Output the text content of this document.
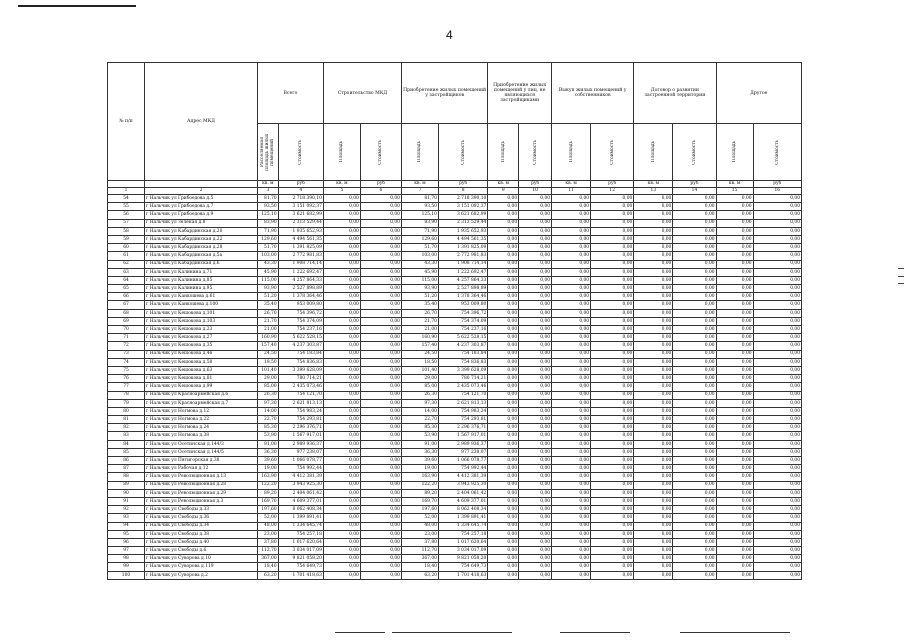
4
№ п/п	Адрес МКД	Всего		Строительство МКД		Приобретение жилых помещений у застройщиков		Приобретение жилых помещений у лиц, не являющихся застройщиками		Выкуп жилых помещений у собственников		Договор о развитии застроенной территории		Другое	

		Расселяемая площадь жилых помещений	Стоимость	Площадь	Стоимость	Площадь	Стоимость	Площадь	Стоимость	Площадь	Стоимость	Площадь	Стоимость	Площадь	Стоимость

		кв. м	руб	кв. м	руб	кв. м	руб	кв. м	руб	кв. м	руб	кв. м	руб	кв. м	руб
1	2	3	4	5	6	7	8	9	10	11	12	13	14	15	16
54	г Нальчик ул Грибоедова д.5	81,70	2 718 390,10	0,00	0,00	81,70	2 718 390,10	0,00	0,00	0,00	0,00	0,00	0,00	0,00	0,00
55	г Нальчик ул Грибоедова д.7	93,50	3 151 092,37	0,00	0,00	93,50	3 151 092,37	0,00	0,00	0,00	0,00	0,00	0,00	0,00	0,00
56	г Нальчик ул Грибоедова д.9	125,10	3 621 682,99	0,00	0,00	125,10	3 621 682,99	0,00	0,00	0,00	0,00	0,00	0,00	0,00	0,00
57	г Нальчик ул Зеленая д.8	83,90	2 313 529,44	0,00	0,00	83,90	2 313 529,44	0,00	0,00	0,00	0,00	0,00	0,00	0,00	0,00
58	г Нальчик ул Кабардинская д.20	71,90	1 935 652,93	0,00	0,00	71,90	1 935 652,93	0,00	0,00	0,00	0,00	0,00	0,00	0,00	0,00
59	г Нальчик ул Кабардинская д.22	129,60	4 494 561,35	0,00	0,00	129,60	4 494 561,35	0,00	0,00	0,00	0,00	0,00	0,00	0,00	0,00
60	г Нальчик ул Кабардинская д.28	51,70	1 391 825,09	0,00	0,00	51,70	1 391 825,09	0,00	0,00	0,00	0,00	0,00	0,00	0,00	0,00
61	г Нальчик ул Кабардинская д.5а	103,00	2 772 981,83	0,00	0,00	103,00	2 772 981,83	0,00	0,00	0,00	0,00	0,00	0,00	0,00	0,00
62	г Нальчик ул Кабардинская д.6	43,30	1 908 714,14	0,00	0,00	43,30	1 908 714,14	0,00	0,00	0,00	0,00	0,00	0,00	0,00	0,00
63	г Нальчик ул Калинина д.71	45,90	1 222 692,47	0,00	0,00	45,90	1 222 692,47	0,00	0,00	0,00	0,00	0,00	0,00	0,00	0,00
64	г Нальчик ул Калинина д.85	115,00	4 257 864,33	0,00	0,00	115,00	4 257 864,33	0,00	0,00	0,00	0,00	0,00	0,00	0,00	0,00
65	г Нальчик ул Калинина д.95	93,90	2 527 898,89	0,00	0,00	93,90	2 527 898,89	0,00	0,00	0,00	0,00	0,00	0,00	0,00	0,00
66	г Нальчик ул Канкошева д.61	51,20	1 378 364,46	0,00	0,00	51,20	1 378 364,46	0,00	0,00	0,00	0,00	0,00	0,00	0,00	0,00
67	г Нальчик ул Канкошева д.100	35,40	953 009,80	0,00	0,00	35,40	953 009,80	0,00	0,00	0,00	0,00	0,00	0,00	0,00	0,00
68	г Нальчик ул Кешокова д.101	26,70	754 396,72	0,00	0,00	26,70	754 396,72	0,00	0,00	0,00	0,00	0,00	0,00	0,00	0,00
69	г Нальчик ул Кешокова д.103	21,70	754 374,09	0,00	0,00	21,70	754 374,09	0,00	0,00	0,00	0,00	0,00	0,00	0,00	0,00
70	г Нальчик ул Кешокова д.23	21,00	754 237,16	0,00	0,00	21,00	754 237,16	0,00	0,00	0,00	0,00	0,00	0,00	0,00	0,00
71	г Нальчик ул Кешокова д.27	160,90	5 622 528,15	0,00	0,00	160,90	5 622 528,15	0,00	0,00	0,00	0,00	0,00	0,00	0,00	0,00
72	г Нальчик ул Кешокова д.35	157,40	4 237 303,87	0,00	0,00	157,40	4 237 303,87	0,00	0,00	0,00	0,00	0,00	0,00	0,00	0,00
73	г Нальчик ул Кешокова д.46	24,50	754 183,84	0,00	0,00	24,50	754 183,84	0,00	0,00	0,00	0,00	0,00	0,00	0,00	0,00
74	г Нальчик ул Кешокова д.58	18,50	754 836,83	0,00	0,00	18,50	754 836,83	0,00	0,00	0,00	0,00	0,00	0,00	0,00	0,00
75	г Нальчик ул Кешокова д.63	101,40	3 399 628,09	0,00	0,00	101,40	3 399 628,09	0,00	0,00	0,00	0,00	0,00	0,00	0,00	0,00
76	г Нальчик ул Кешокова д.81	29,00	780 714,21	0,00	0,00	29,00	780 714,21	0,00	0,00	0,00	0,00	0,00	0,00	0,00	0,00
77	г Нальчик ул Кешокова д.99	85,00	2 435 073,46	0,00	0,00	85,00	2 435 073,46	0,00	0,00	0,00	0,00	0,00	0,00	0,00	0,00
78	г Нальчик ул Красноармейская д.6	26,30	754 121,70	0,00	0,00	26,30	754 121,70	0,00	0,00	0,00	0,00	0,00	0,00	0,00	0,00
79	г Нальчик ул Красноармейская д.7	97,30	2 621 813,13	0,00	0,00	97,30	2 621 813,13	0,00	0,00	0,00	0,00	0,00	0,00	0,00	0,00
80	г Нальчик ул Ногмова д.12	14,00	754 983,24	0,00	0,00	14,00	754 983,24	0,00	0,00	0,00	0,00	0,00	0,00	0,00	0,00
81	г Нальчик ул Ногмова д.22	22,70	754 293,81	0,00	0,00	22,70	754 293,81	0,00	0,00	0,00	0,00	0,00	0,00	0,00	0,00
82	г Нальчик ул Ногмова д.24	85,30	2 296 376,71	0,00	0,00	85,30	2 296 376,71	0,00	0,00	0,00	0,00	0,00	0,00	0,00	0,00
83	г Нальчик ул Ногмова д.38	53,90	1 567 917,01	0,00	0,00	53,90	1 567 917,01	0,00	0,00	0,00	0,00	0,00	0,00	0,00	0,00
84	г Нальчик ул Осетинская д.144/3	91,00	2 989 936,37	0,00	0,00	91,00	2 989 936,37	0,00	0,00	0,00	0,00	0,00	0,00	0,00	0,00
85	г Нальчик ул Осетинская д.144/5	36,30	977 238,07	0,00	0,00	36,30	977 238,07	0,00	0,00	0,00	0,00	0,00	0,00	0,00	0,00
86	г Нальчик ул Пятигорская д.38	39,60	1 066 078,77	0,00	0,00	39,60	1 066 078,77	0,00	0,00	0,00	0,00	0,00	0,00	0,00	0,00
87	г Нальчик ул Рабочая д.12	19,00	754 992,44	0,00	0,00	19,00	754 992,44	0,00	0,00	0,00	0,00	0,00	0,00	0,00	0,00
88	г Нальчик ул Революционная д.13	163,90	4 412 381,39	0,00	0,00	163,90	4 412 381,39	0,00	0,00	0,00	0,00	0,00	0,00	0,00	0,00
89	г Нальчик ул Революционная д.28	122,20	3 943 925,30	0,00	0,00	122,20	3 943 925,30	0,00	0,00	0,00	0,00	0,00	0,00	0,00	0,00
90	г Нальчик ул Революционная д.29	89,20	2 404 061,42	0,00	0,00	89,20	2 404 061,42	0,00	0,00	0,00	0,00	0,00	0,00	0,00	0,00
91	г Нальчик ул Революционная д.3	169,70	4 609 377,01	0,00	0,00	169,70	4 609 377,01	0,00	0,00	0,00	0,00	0,00	0,00	0,00	0,00
92	г Нальчик ул Свободы д.33	197,60	8 062 408,34	0,00	0,00	197,60	8 062 408,34	0,00	0,00	0,00	0,00	0,00	0,00	0,00	0,00
93	г Нальчик ул Свободы д.36	52,00	1 399 891,41	0,00	0,00	52,00	1 399 891,41	0,00	0,00	0,00	0,00	0,00	0,00	0,00	0,00
94	г Нальчик ул Свободы д.34	48,00	1 334 645,74	0,00	0,00	48,00	1 334 645,74	0,00	0,00	0,00	0,00	0,00	0,00	0,00	0,00
95	г Нальчик ул Свободы д.38	23,00	754 257,18	0,00	0,00	23,00	754 257,18	0,00	0,00	0,00	0,00	0,00	0,00	0,00	0,00
96	г Нальчик ул Свободы д.40	37,80	1 017 620,64	0,00	0,00	37,80	1 017 620,64	0,00	0,00	0,00	0,00	0,00	0,00	0,00	0,00
97	г Нальчик ул Свободы д.6	112,70	3 034 017,09	0,00	0,00	112,70	3 034 017,09	0,00	0,00	0,00	0,00	0,00	0,00	0,00	0,00
98	г Нальчик ул Суворова д.10	367,00	9 821 058,20	0,00	0,00	367,00	9 821 058,20	0,00	0,00	0,00	0,00	0,00	0,00	0,00	0,00
99	г Нальчик ул Суворова д.119	18,40	754 649,73	0,00	0,00	18,40	754 649,73	0,00	0,00	0,00	0,00	0,00	0,00	0,00	0,00
100	г Нальчик ул Суворова д.2	63,20	1 701 418,63	0,00	0,00	63,20	1 701 418,63	0,00	0,00	0,00	0,00	0,00	0,00	0,00	0,00
